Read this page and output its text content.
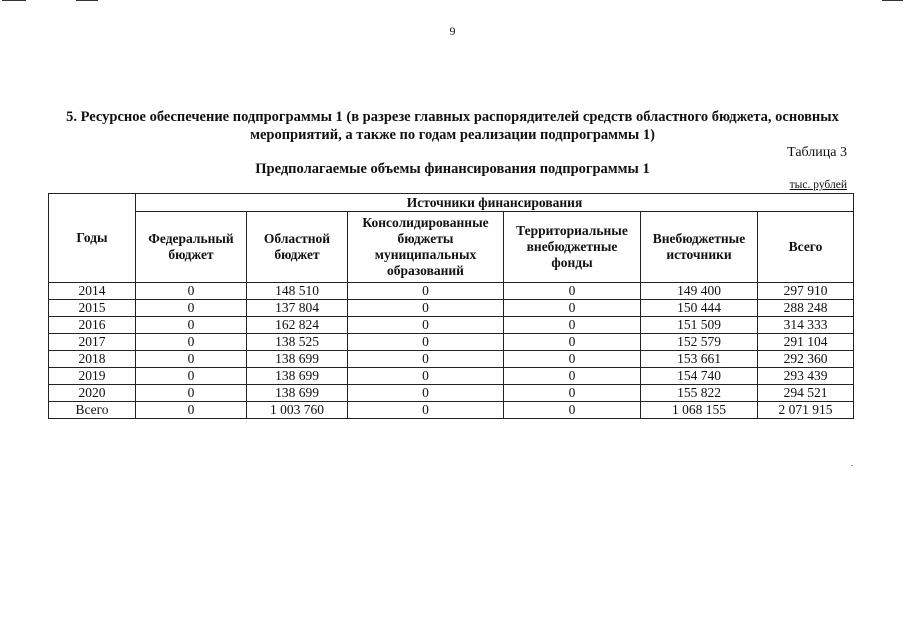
9
5. Ресурсное обеспечение подпрограммы 1 (в разрезе главных распорядителей средств областного бюджета, основных мероприятий, а также по годам реализации подпрограммы 1)
Таблица 3
Предполагаемые объемы финансирования подпрограммы 1
тыс. рублей
Годы	Источники финансирования					
	Федеральный бюджет	Областной бюджет	Консолидированные бюджеты муниципальных образований	Территориальные внебюджетные фонды	Внебюджетные источники	Всего
2014	0	148 510	0	0	149 400	297 910
2015	0	137 804	0	0	150 444	288 248
2016	0	162 824	0	0	151 509	314 333
2017	0	138 525	0	0	152 579	291 104
2018	0	138 699	0	0	153 661	292 360
2019	0	138 699	0	0	154 740	293 439
2020	0	138 699	0	0	155 822	294 521
Всего	0	1 003 760	0	0	1 068 155	2 071 915
